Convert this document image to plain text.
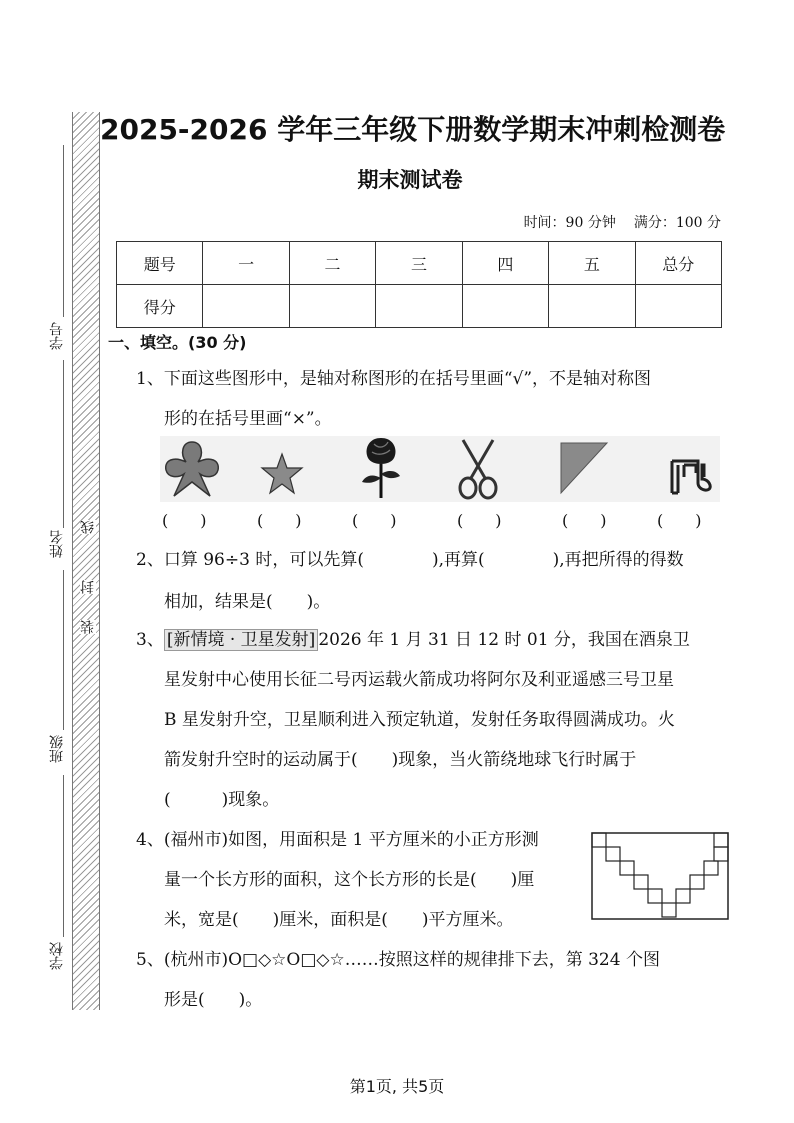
装
封
线
学号
姓名
班级
学校
2025-2026 学年三年级下册数学期末冲刺检测卷
期末测试卷
时间：90 分钟 满分：100 分
题号	一	二	三	四	五	总分
得分						
一、填空。(30 分)
1、下面这些图形中，是轴对称图形的在括号里画“√”，不是轴对称图
形的在括号里画“×”。
(　　)	(　　)	(　　)	(　　)	(　　)	(　　)
2、口算 96÷3 时，可以先算(　　　　),再算(　　　　),再把所得的得数
相加，结果是(　　)。
3、 [新情境 · 卫星发射] 2026 年 1 月 31 日 12 时 01 分，我国在酒泉卫
星发射中心使用长征二号丙运载火箭成功将阿尔及利亚遥感三号卫星
B 星发射升空，卫星顺利进入预定轨道，发射任务取得圆满成功。火
箭发射升空时的运动属于(　　)现象，当火箭绕地球飞行时属于
(　　　)现象。
4、(福州市)如图，用面积是 1 平方厘米的小正方形测
量一个长方形的面积，这个长方形的长是(　　)厘
米，宽是(　　)厘米，面积是(　　)平方厘米。
5、(杭州市)O□◇☆O□◇☆……按照这样的规律排下去，第 324 个图
形是(　　)。
第1页, 共5页
